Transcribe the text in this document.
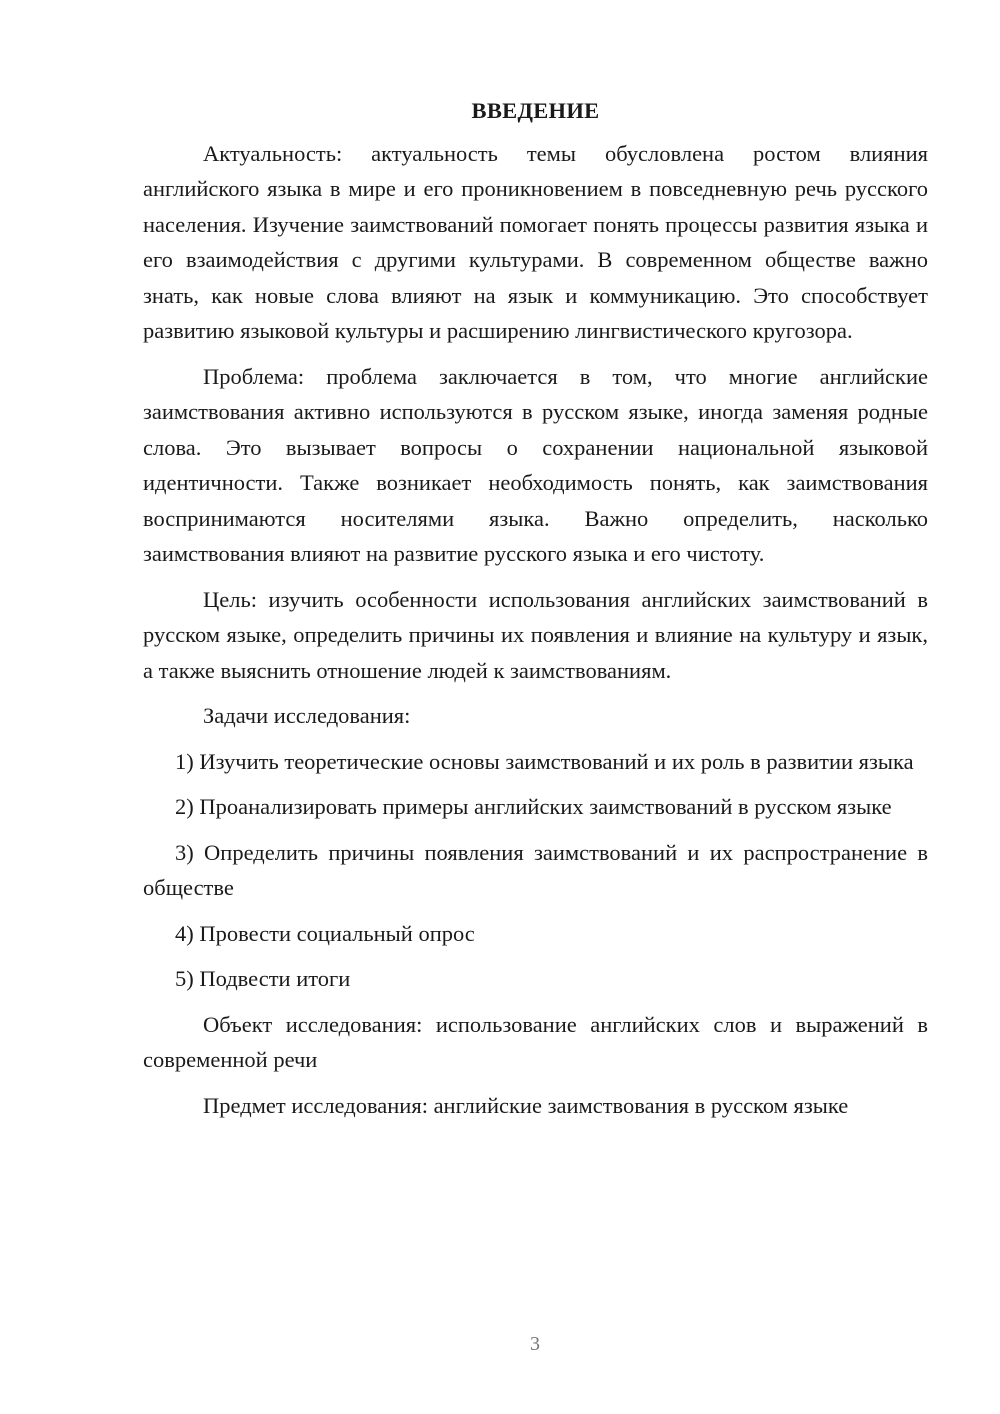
ВВЕДЕНИЕ

Актуальность: актуальность темы обусловлена ростом влияния английского языка в мире и его проникновением в повседневную речь русского населения. Изучение заимствований помогает понять процессы развития языка и его взаимодействия с другими культурами. В современном обществе важно знать, как новые слова влияют на язык и коммуникацию. Это способствует развитию языковой культуры и расширению лингвистического кругозора.

Проблема: проблема заключается в том, что многие английские заимствования активно используются в русском языке, иногда заменяя родные слова. Это вызывает вопросы о сохранении национальной языковой идентичности. Также возникает необходимость понять, как заимствования воспринимаются носителями языка. Важно определить, насколько заимствования влияют на развитие русского языка и его чистоту.

Цель: изучить особенности использования английских заимствований в русском языке, определить причины их появления и влияние на культуру и язык, а также выяснить отношение людей к заимствованиям.

Задачи исследования:

1) Изучить теоретические основы заимствований и их роль в развитии языка

2) Проанализировать примеры английских заимствований в русском языке

3) Определить причины появления заимствований и их распространение в обществе

4) Провести социальный опрос

5) Подвести итоги

Объект исследования: использование английских слов и выражений в современной речи

Предмет исследования: английские заимствования в русском языке

3
